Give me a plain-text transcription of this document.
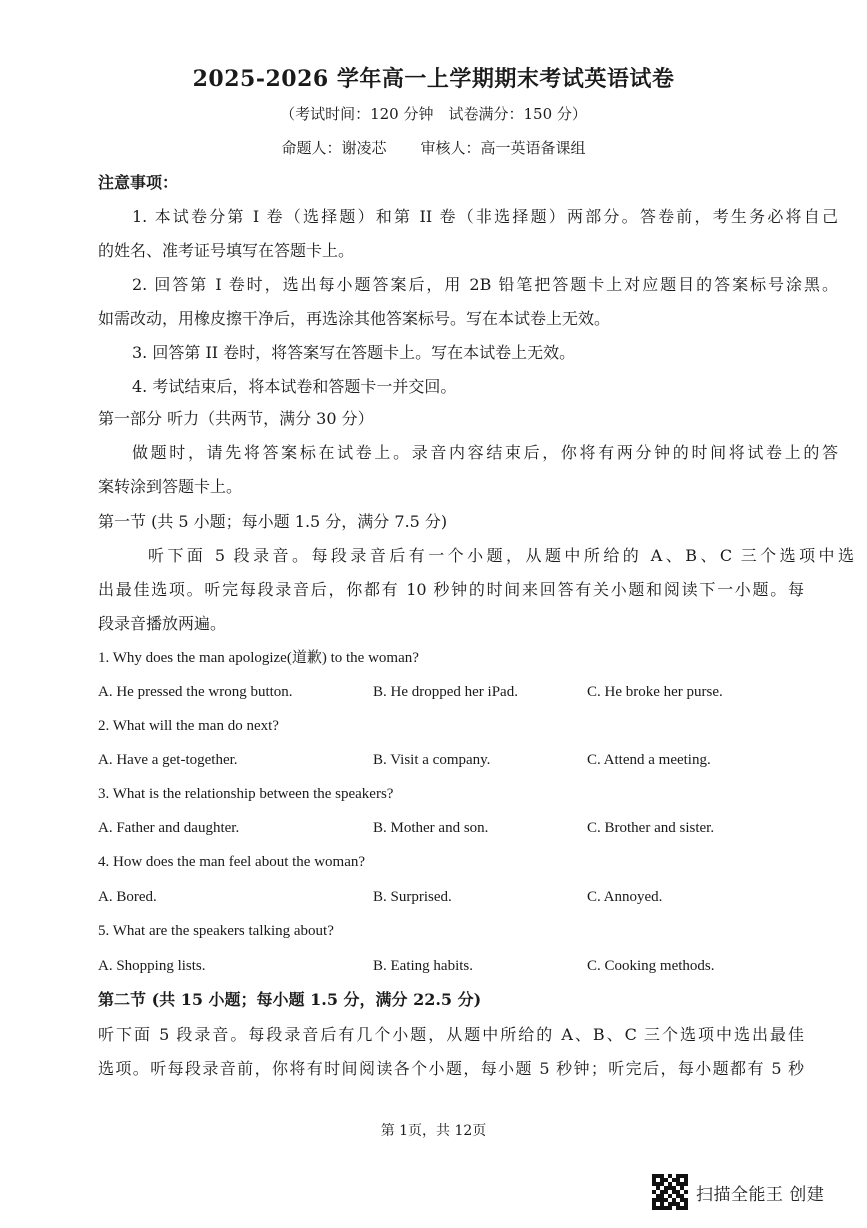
2025-2026 学年高一上学期期末考试英语试卷
（考试时间：120 分钟　试卷满分：150 分）
命题人：谢凌芯 审核人：高一英语备课组
注意事项：
1. 本试卷分第 I 卷（选择题）和第 II 卷（非选择题）两部分。答卷前，考生务必将自己
的姓名、准考证号填写在答题卡上。
2. 回答第 I 卷时，选出每小题答案后，用 2B 铅笔把答题卡上对应题目的答案标号涂黑。
如需改动，用橡皮擦干净后，再选涂其他答案标号。写在本试卷上无效。
3. 回答第 II 卷时，将答案写在答题卡上。写在本试卷上无效。
4. 考试结束后，将本试卷和答题卡一并交回。
第一部分 听力（共两节，满分 30 分）
做题时，请先将答案标在试卷上。录音内容结束后，你将有两分钟的时间将试卷上的答
案转涂到答题卡上。
第一节 (共 5 小题；每小题 1.5 分，满分 7.5 分)
听下面 5 段录音。每段录音后有一个小题，从题中所给的 A、B、C 三个选项中选
出最佳选项。听完每段录音后，你都有 10 秒钟的时间来回答有关小题和阅读下一小题。每
段录音播放两遍。
1. Why does the man apologize(道歉) to the woman?
A. He pressed the wrong button.	B. He dropped her iPad.	C. He broke her purse.
2. What will the man do next?
A. Have a get-together.	B. Visit a company.	C. Attend a meeting.
3. What is the relationship between the speakers?
A. Father and daughter.	B. Mother and son.	C. Brother and sister.
4. How does the man feel about the woman?
A. Bored.	B. Surprised.	C. Annoyed.
5. What are the speakers talking about?
A. Shopping lists.	B. Eating habits.	C. Cooking methods.
第二节 (共 15 小题；每小题 1.5 分，满分 22.5 分)
听下面 5 段录音。每段录音后有几个小题，从题中所给的 A、B、C 三个选项中选出最佳
选项。听每段录音前，你将有时间阅读各个小题，每小题 5 秒钟；听完后，每小题都有 5 秒
第 1页，共 12页
扫描全能王 创建
